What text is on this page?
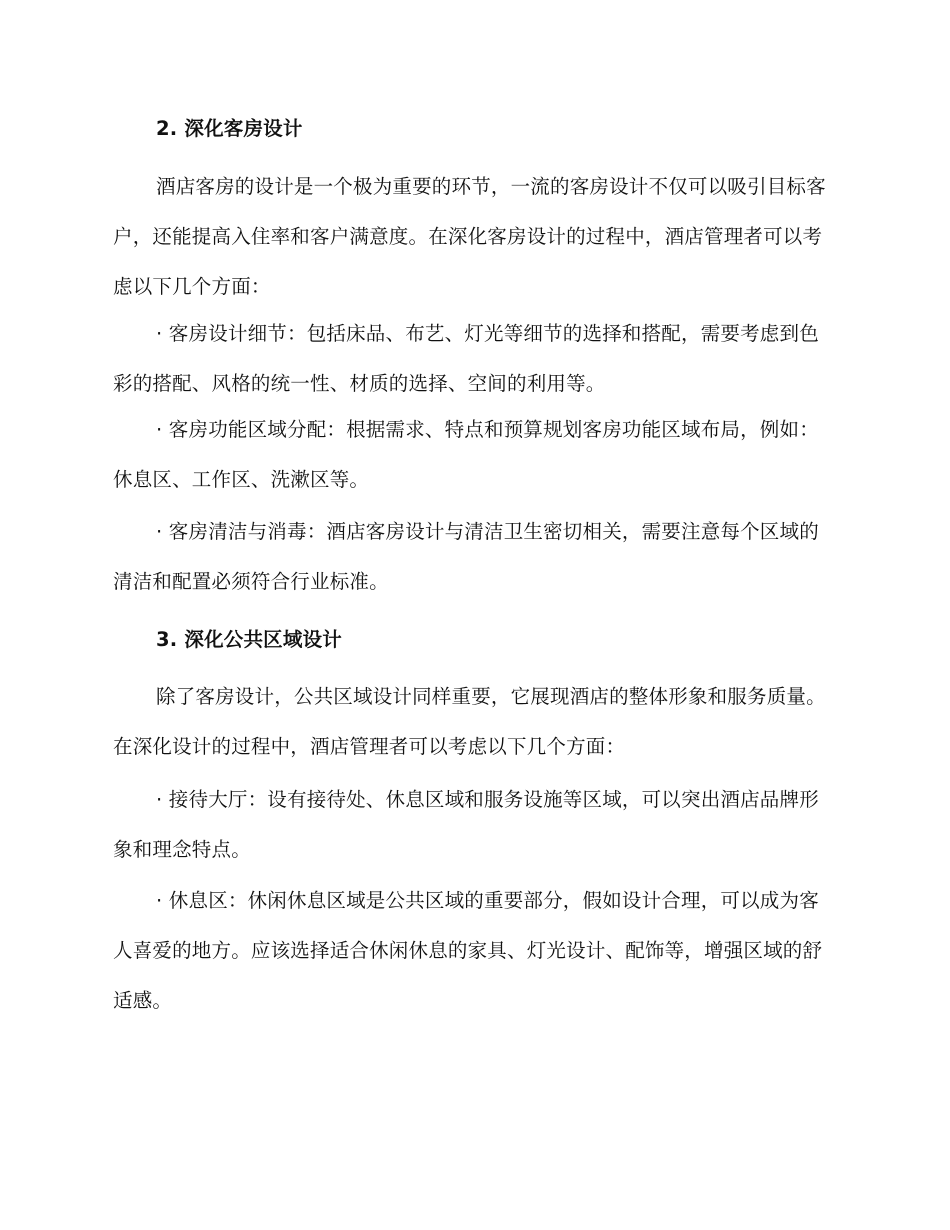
2. 深化客房设计

酒店客房的设计是一个极为重要的环节，一流的客房设计不仅可以吸引目标客户，还能提高入住率和客户满意度。在深化客房设计的过程中，酒店管理者可以考虑以下几个方面：

· 客房设计细节：包括床品、布艺、灯光等细节的选择和搭配，需要考虑到色彩的搭配、风格的统一性、材质的选择、空间的利用等。

· 客房功能区域分配：根据需求、特点和预算规划客房功能区域布局，例如：休息区、工作区、洗漱区等。

· 客房清洁与消毒：酒店客房设计与清洁卫生密切相关，需要注意每个区域的清洁和配置必须符合行业标准。

3. 深化公共区域设计

除了客房设计，公共区域设计同样重要，它展现酒店的整体形象和服务质量。在深化设计的过程中，酒店管理者可以考虑以下几个方面：

· 接待大厅：设有接待处、休息区域和服务设施等区域，可以突出酒店品牌形象和理念特点。

· 休息区：休闲休息区域是公共区域的重要部分，假如设计合理，可以成为客人喜爱的地方。应该选择适合休闲休息的家具、灯光设计、配饰等，增强区域的舒适感。
